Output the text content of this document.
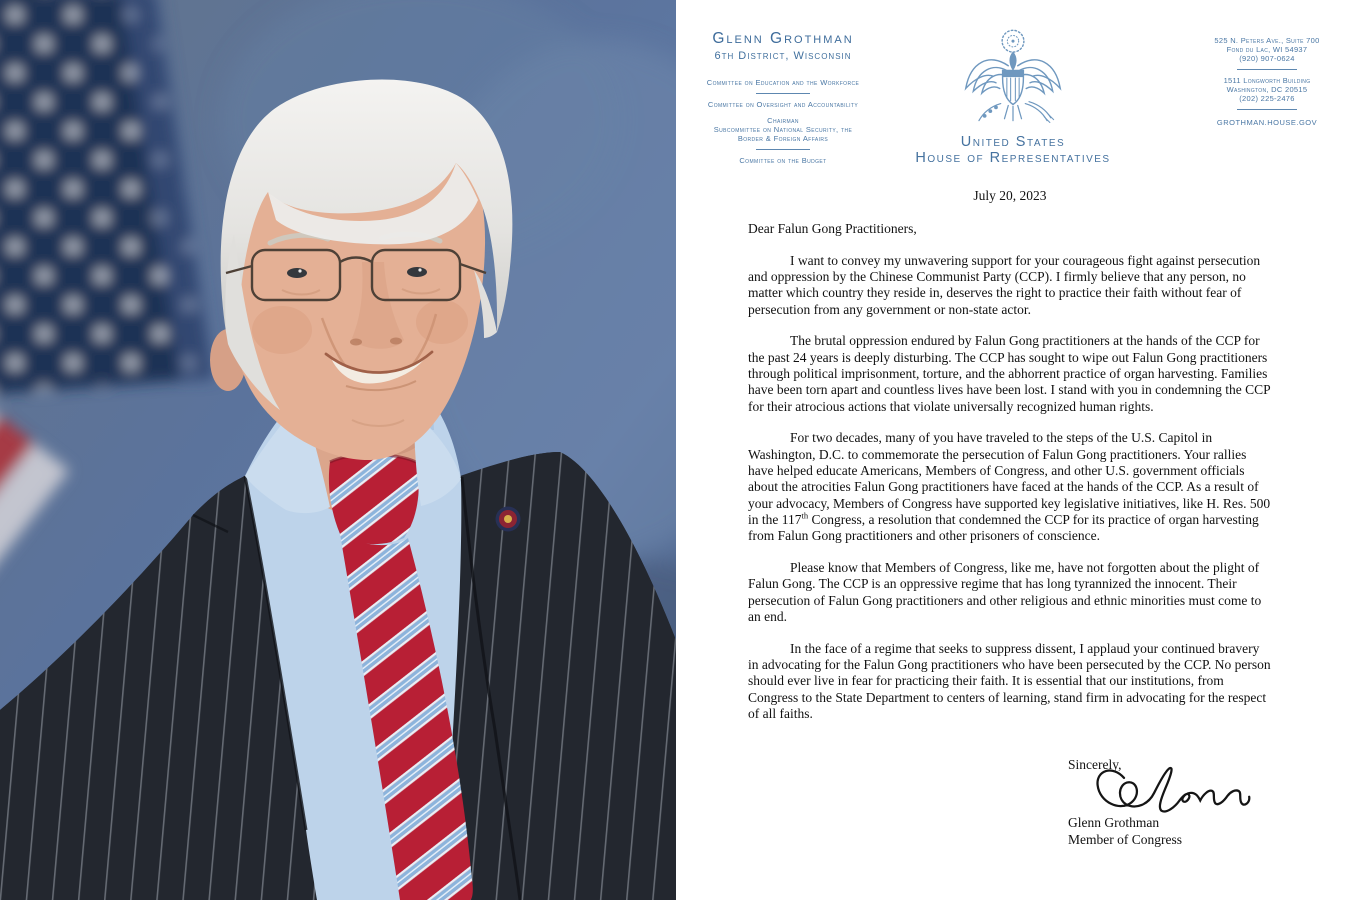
Glenn Grothman
6th District, Wisconsin
Committee on Education and the Workforce
Committee on Oversight and Accountability
Chairman
Subcommittee on National Security, the
Border & Foreign Affairs
Committee on the Budget
United States
House of Representatives
525 N. Peters Ave., Suite 700
Fond du Lac, WI 54937
(920) 907-0624
1511 Longworth Building
Washington, DC 20515
(202) 225-2476
GROTHMAN.HOUSE.GOV
July 20, 2023

Dear Falun Gong Practitioners,

I want to convey my unwavering support for your courageous fight against persecution and oppression by the Chinese Communist Party (CCP). I firmly believe that any person, no matter which country they reside in, deserves the right to practice their faith without fear of persecution from any government or non-state actor.

The brutal oppression endured by Falun Gong practitioners at the hands of the CCP for the past 24 years is deeply disturbing. The CCP has sought to wipe out Falun Gong practitioners through political imprisonment, torture, and the abhorrent practice of organ harvesting. Families have been torn apart and countless lives have been lost. I stand with you in condemning the CCP for their atrocious actions that violate universally recognized human rights.

For two decades, many of you have traveled to the steps of the U.S. Capitol in Washington, D.C. to commemorate the persecution of Falun Gong practitioners. Your rallies have helped educate Americans, Members of Congress, and other U.S. government officials about the atrocities Falun Gong practitioners have faced at the hands of the CCP. As a result of your advocacy, Members of Congress have supported key legislative initiatives, like H. Res. 500 in the 117th Congress, a resolution that condemned the CCP for its practice of organ harvesting from Falun Gong practitioners and other prisoners of conscience.

Please know that Members of Congress, like me, have not forgotten about the plight of Falun Gong. The CCP is an oppressive regime that has long tyrannized the innocent. Their persecution of Falun Gong practitioners and other religious and ethnic minorities must come to an end.

In the face of a regime that seeks to suppress dissent, I applaud your continued bravery in advocating for the Falun Gong practitioners who have been persecuted by the CCP. No person should ever live in fear for practicing their faith. It is essential that our institutions, from Congress to the State Department to centers of learning, stand firm in advocating for the respect of all faiths.

Sincerely,
Glenn Grothman
Member of Congress
